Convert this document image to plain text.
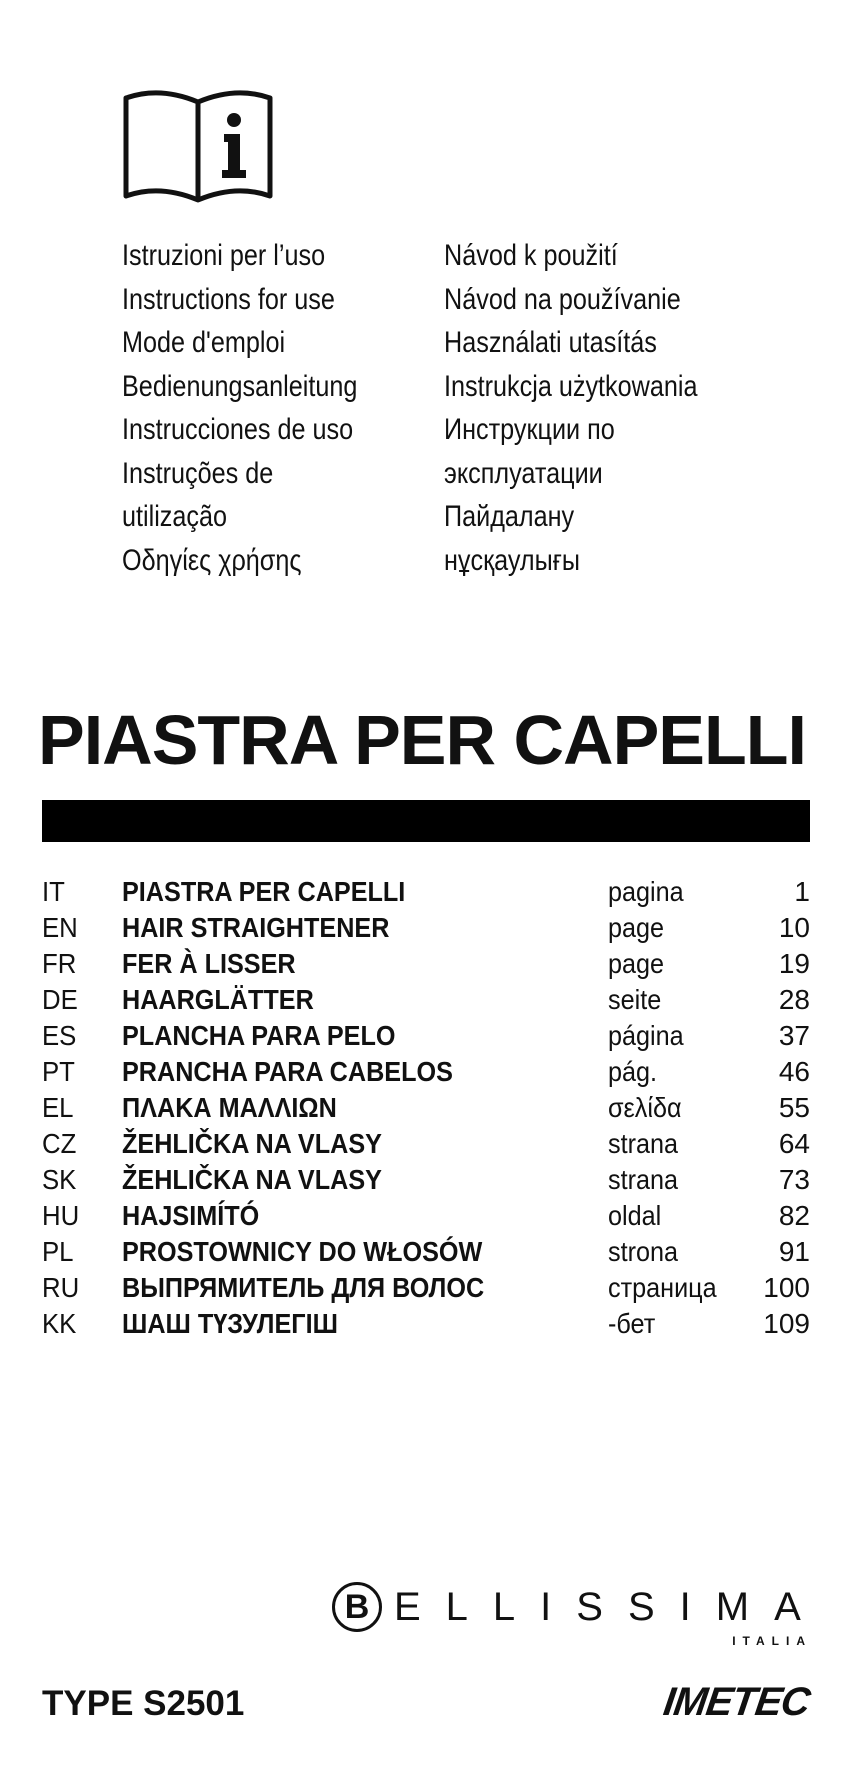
Istruzioni per l’uso
Instructions for use
Mode d'emploi
Bedienungsanleitung
Instrucciones de uso
Instruções de
utilização
Οδηγίες χρήσης
Návod k použití
Návod na používanie
Használati utasítás
Instrukcja użytkowania
Инструкции по
эксплуатации
Пайдалану
нұсқаулығы
PIASTRA PER CAPELLI
IT PIASTRA PER CAPELLI	pagina	1
EN HAIR STRAIGHTENER	page	10
FR FER À LISSER	page	19
DE HAARGLÄTTER	seite	28
ES PLANCHA PARA PELO	página	37
PT PRANCHA PARA CABELOS	pág.	46
EL ΠΛΑΚΑ ΜΑΛΛΙΩΝ	σελίδα	55
CZ ŽEHLIČKA NA VLASY	strana	64
SK ŽEHLIČKA NA VLASY	strana	73
HU HAJSIMÍTÓ	oldal	82
PL PROSTOWNICY DO WŁOSÓW	strona	91
RU ВЫПРЯМИТЕЛЬ ДЛЯ ВОЛОС	страница 100
KK ШАШ ТҮЗУЛЕГІШ	-бет	109
B ELLISSIMA
ITALIA
TYPE S2501	IMETEC
